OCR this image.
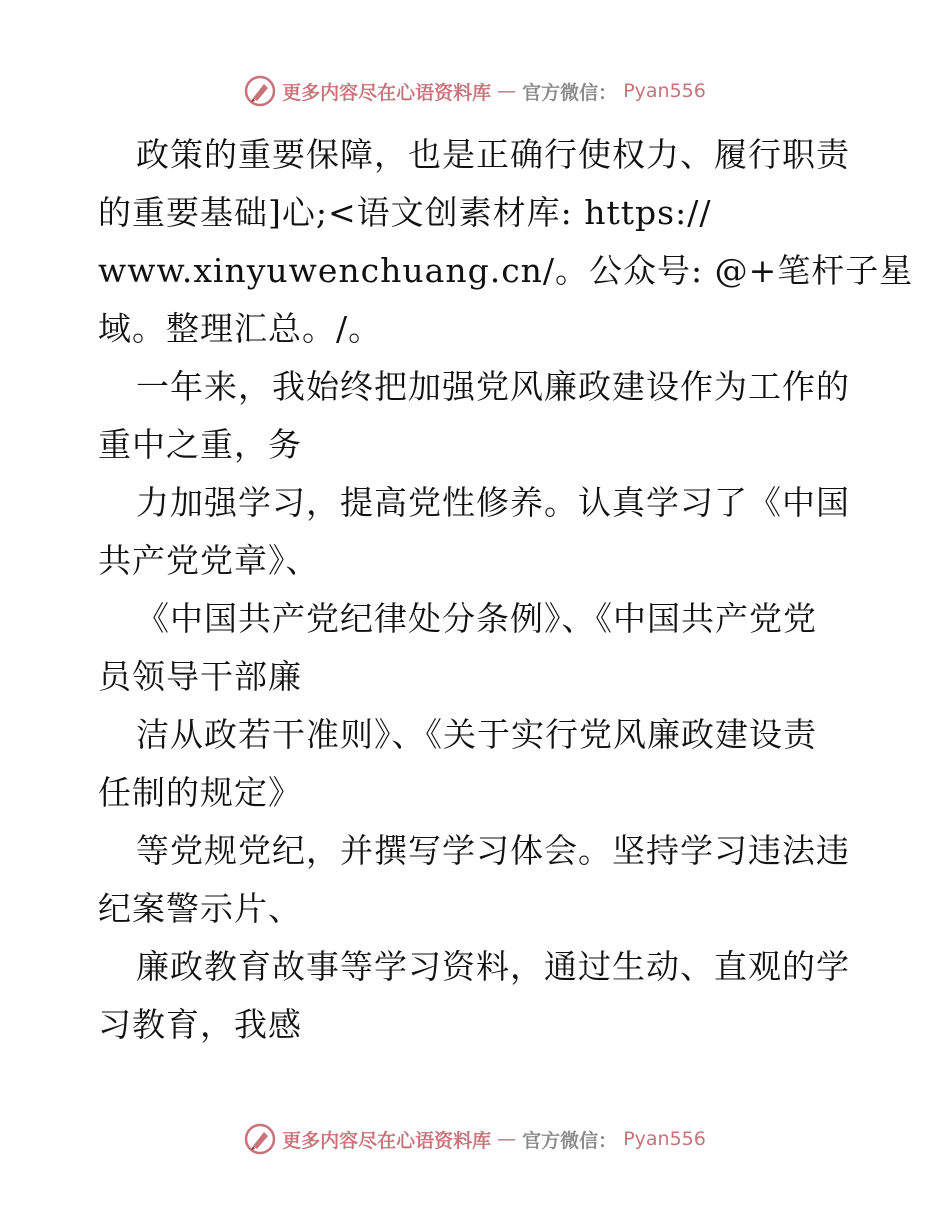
更多内容尽在心语资料库 — 官方微信： Pyan556
政策的重要保障，也是正确行使权力、履行职责
的重要基础]心;<语文创素材库: https://
www.xinyuwenchuang.cn/。公众号: @+笔杆子星
域。整理汇总。/。
一年来，我始终把加强党风廉政建设作为工作的
重中之重，务
力加强学习，提高党性修养。认真学习了《中国
共产党党章》、
《中国共产党纪律处分条例》、《中国共产党党
员领导干部廉
洁从政若干准则》、《关于实行党风廉政建设责
任制的规定》
等党规党纪，并撰写学习体会。坚持学习违法违
纪案警示片、
廉政教育故事等学习资料，通过生动、直观的学
习教育，我感
更多内容尽在心语资料库 — 官方微信： Pyan556
